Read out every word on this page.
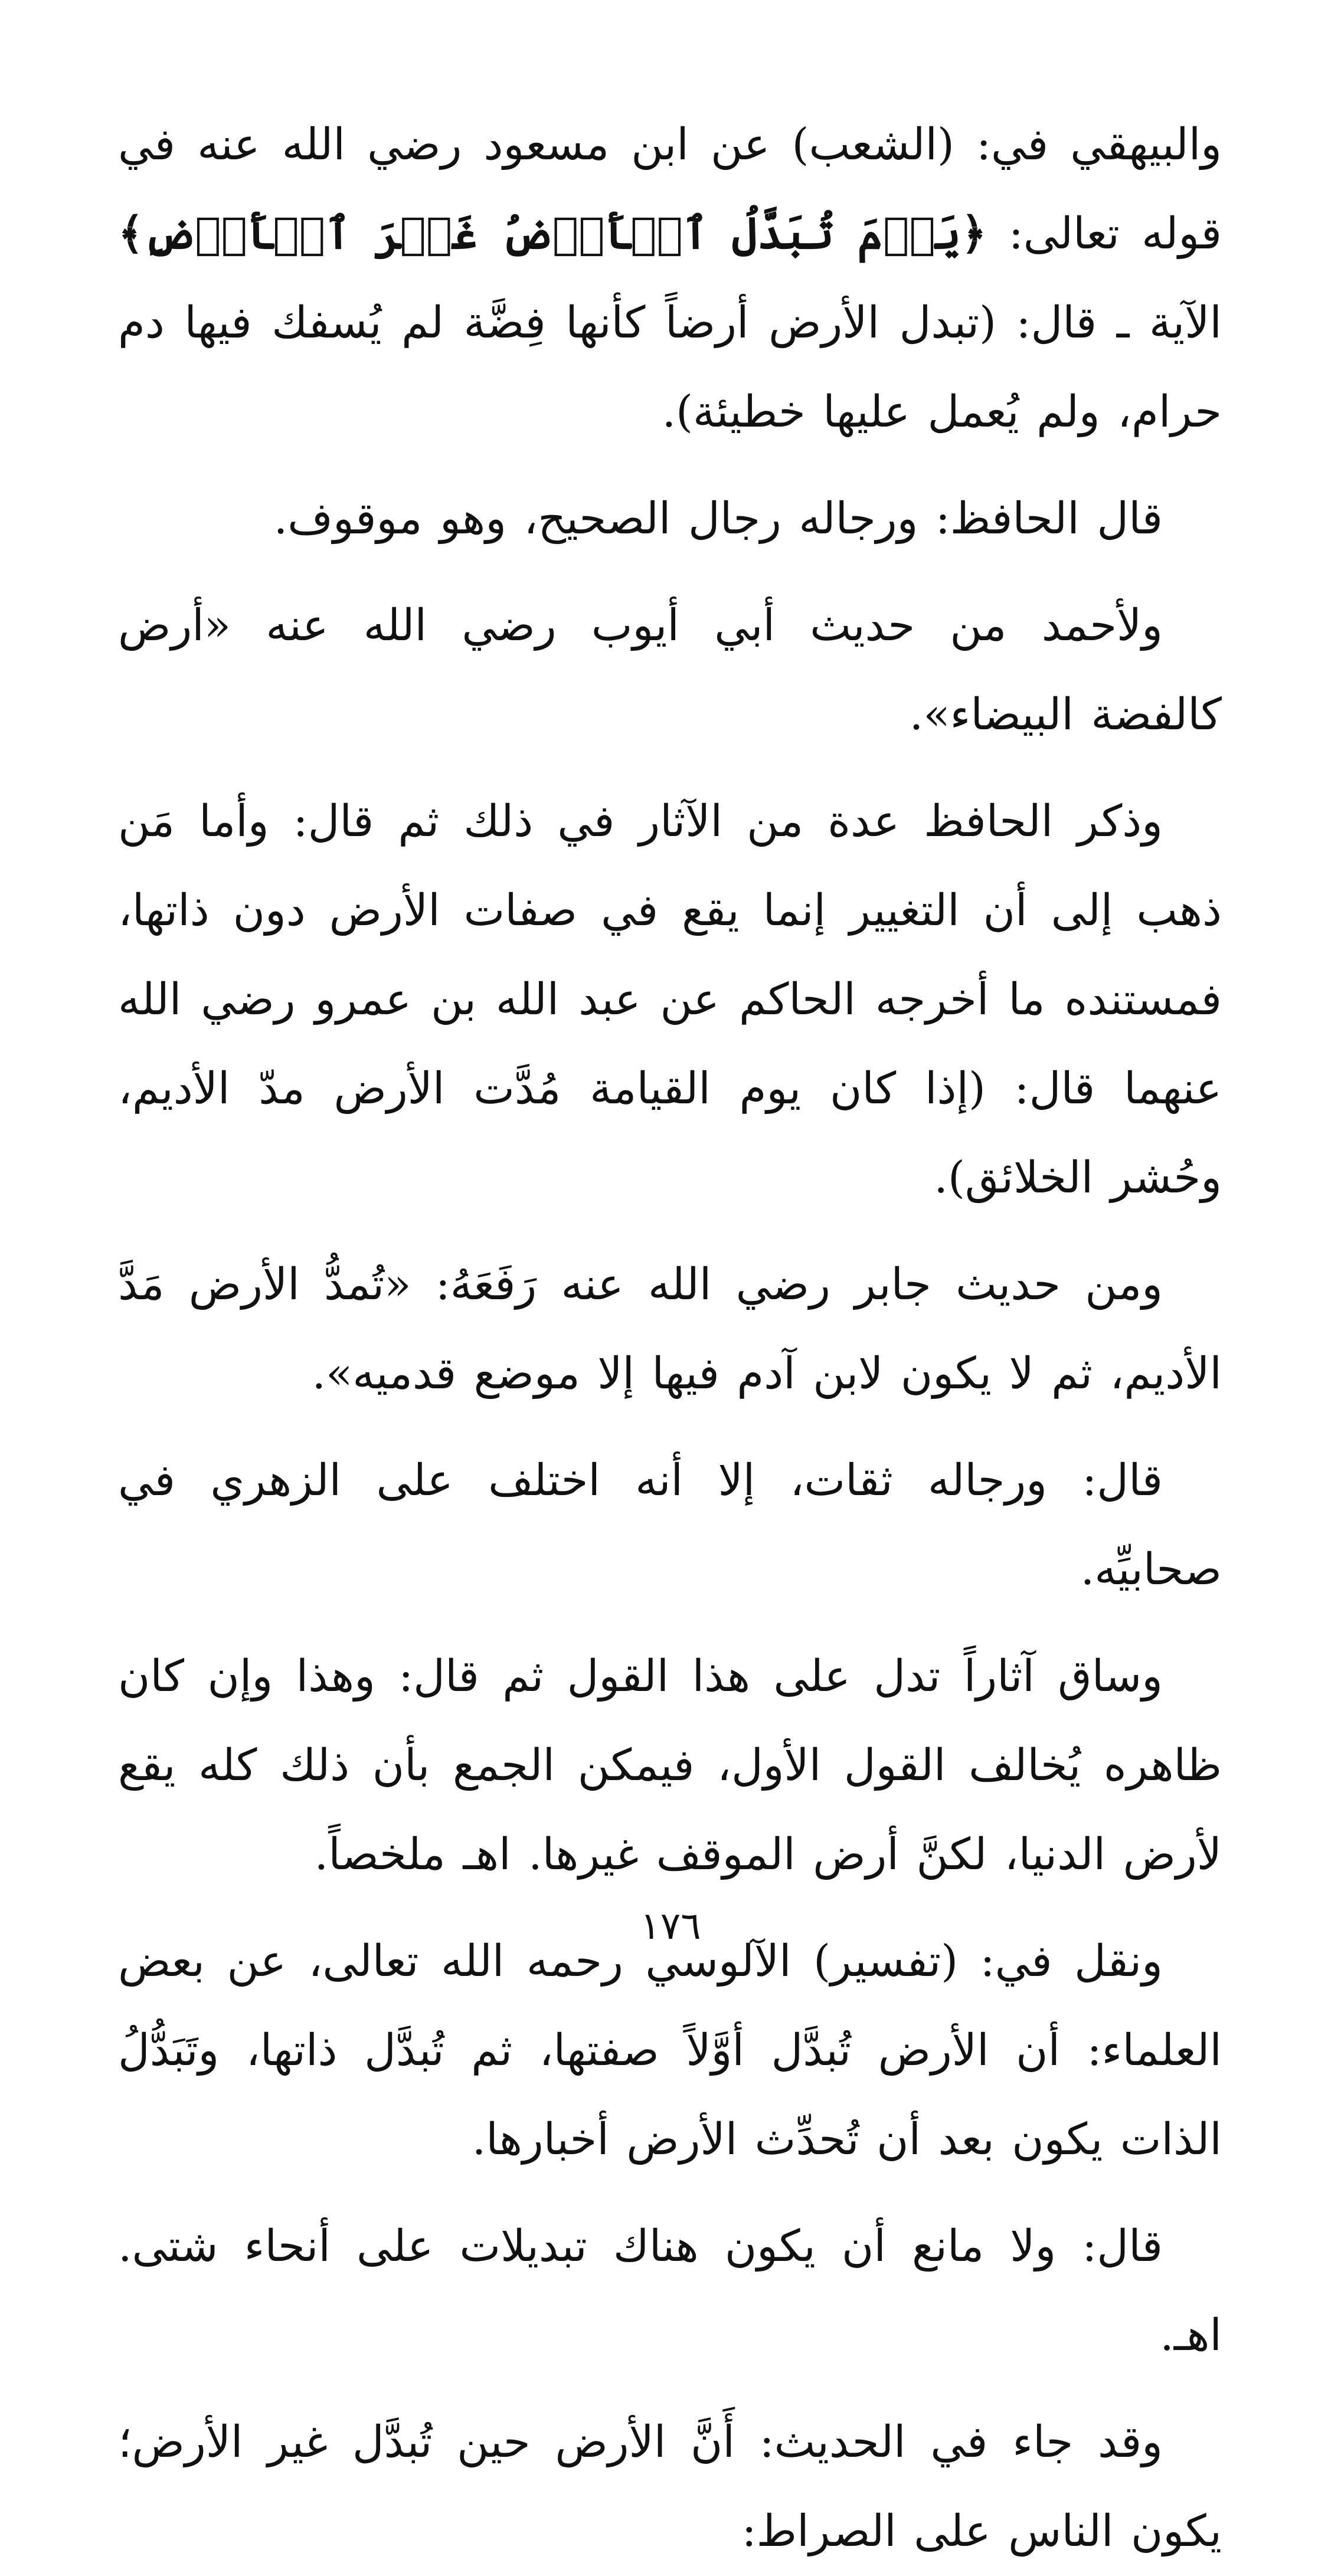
والبيهقي في: (الشعب) عن ابن مسعود رضي الله عنه في قوله تعالى: ﴿يَوۡمَ تُبَدَّلُ ٱلۡأَرۡضُ غَيۡرَ ٱلۡأَرۡضِ﴾ الآية ـ قال: (تبدل الأرض أرضاً كأنها فِضَّة لم يُسفك فيها دم حرام، ولم يُعمل عليها خطيئة).

قال الحافظ: ورجاله رجال الصحيح، وهو موقوف.

ولأحمد من حديث أبي أيوب رضي الله عنه «أرض كالفضة البيضاء».

وذكر الحافظ عدة من الآثار في ذلك ثم قال: وأما مَن ذهب إلى أن التغيير إنما يقع في صفات الأرض دون ذاتها، فمستنده ما أخرجه الحاكم عن عبد الله بن عمرو رضي الله عنهما قال: (إذا كان يوم القيامة مُدَّت الأرض مدّ الأديم، وحُشر الخلائق).

ومن حديث جابر رضي الله عنه رَفَعَهُ: «تُمدُّ الأرض مَدَّ الأديم، ثم لا يكون لابن آدم فيها إلا موضع قدميه».

قال: ورجاله ثقات، إلا أنه اختلف على الزهري في صحابيِّه.

وساق آثاراً تدل على هذا القول ثم قال: وهذا وإن كان ظاهره يُخالف القول الأول، فيمكن الجمع بأن ذلك كله يقع لأرض الدنيا، لكنَّ أرض الموقف غيرها. اهـ ملخصاً.

ونقل في: (تفسير) الآلوسي رحمه الله تعالى، عن بعض العلماء: أن الأرض تُبدَّل أوَّلاً صفتها، ثم تُبدَّل ذاتها، وتَبَدُّلُ الذات يكون بعد أن تُحدِّث الأرض أخبارها.

قال: ولا مانع أن يكون هناك تبديلات على أنحاء شتى. اهـ.

وقد جاء في الحديث: أَنَّ الأرض حين تُبدَّل غير الأرض؛ يكون الناس على الصراط:

١٧٦
